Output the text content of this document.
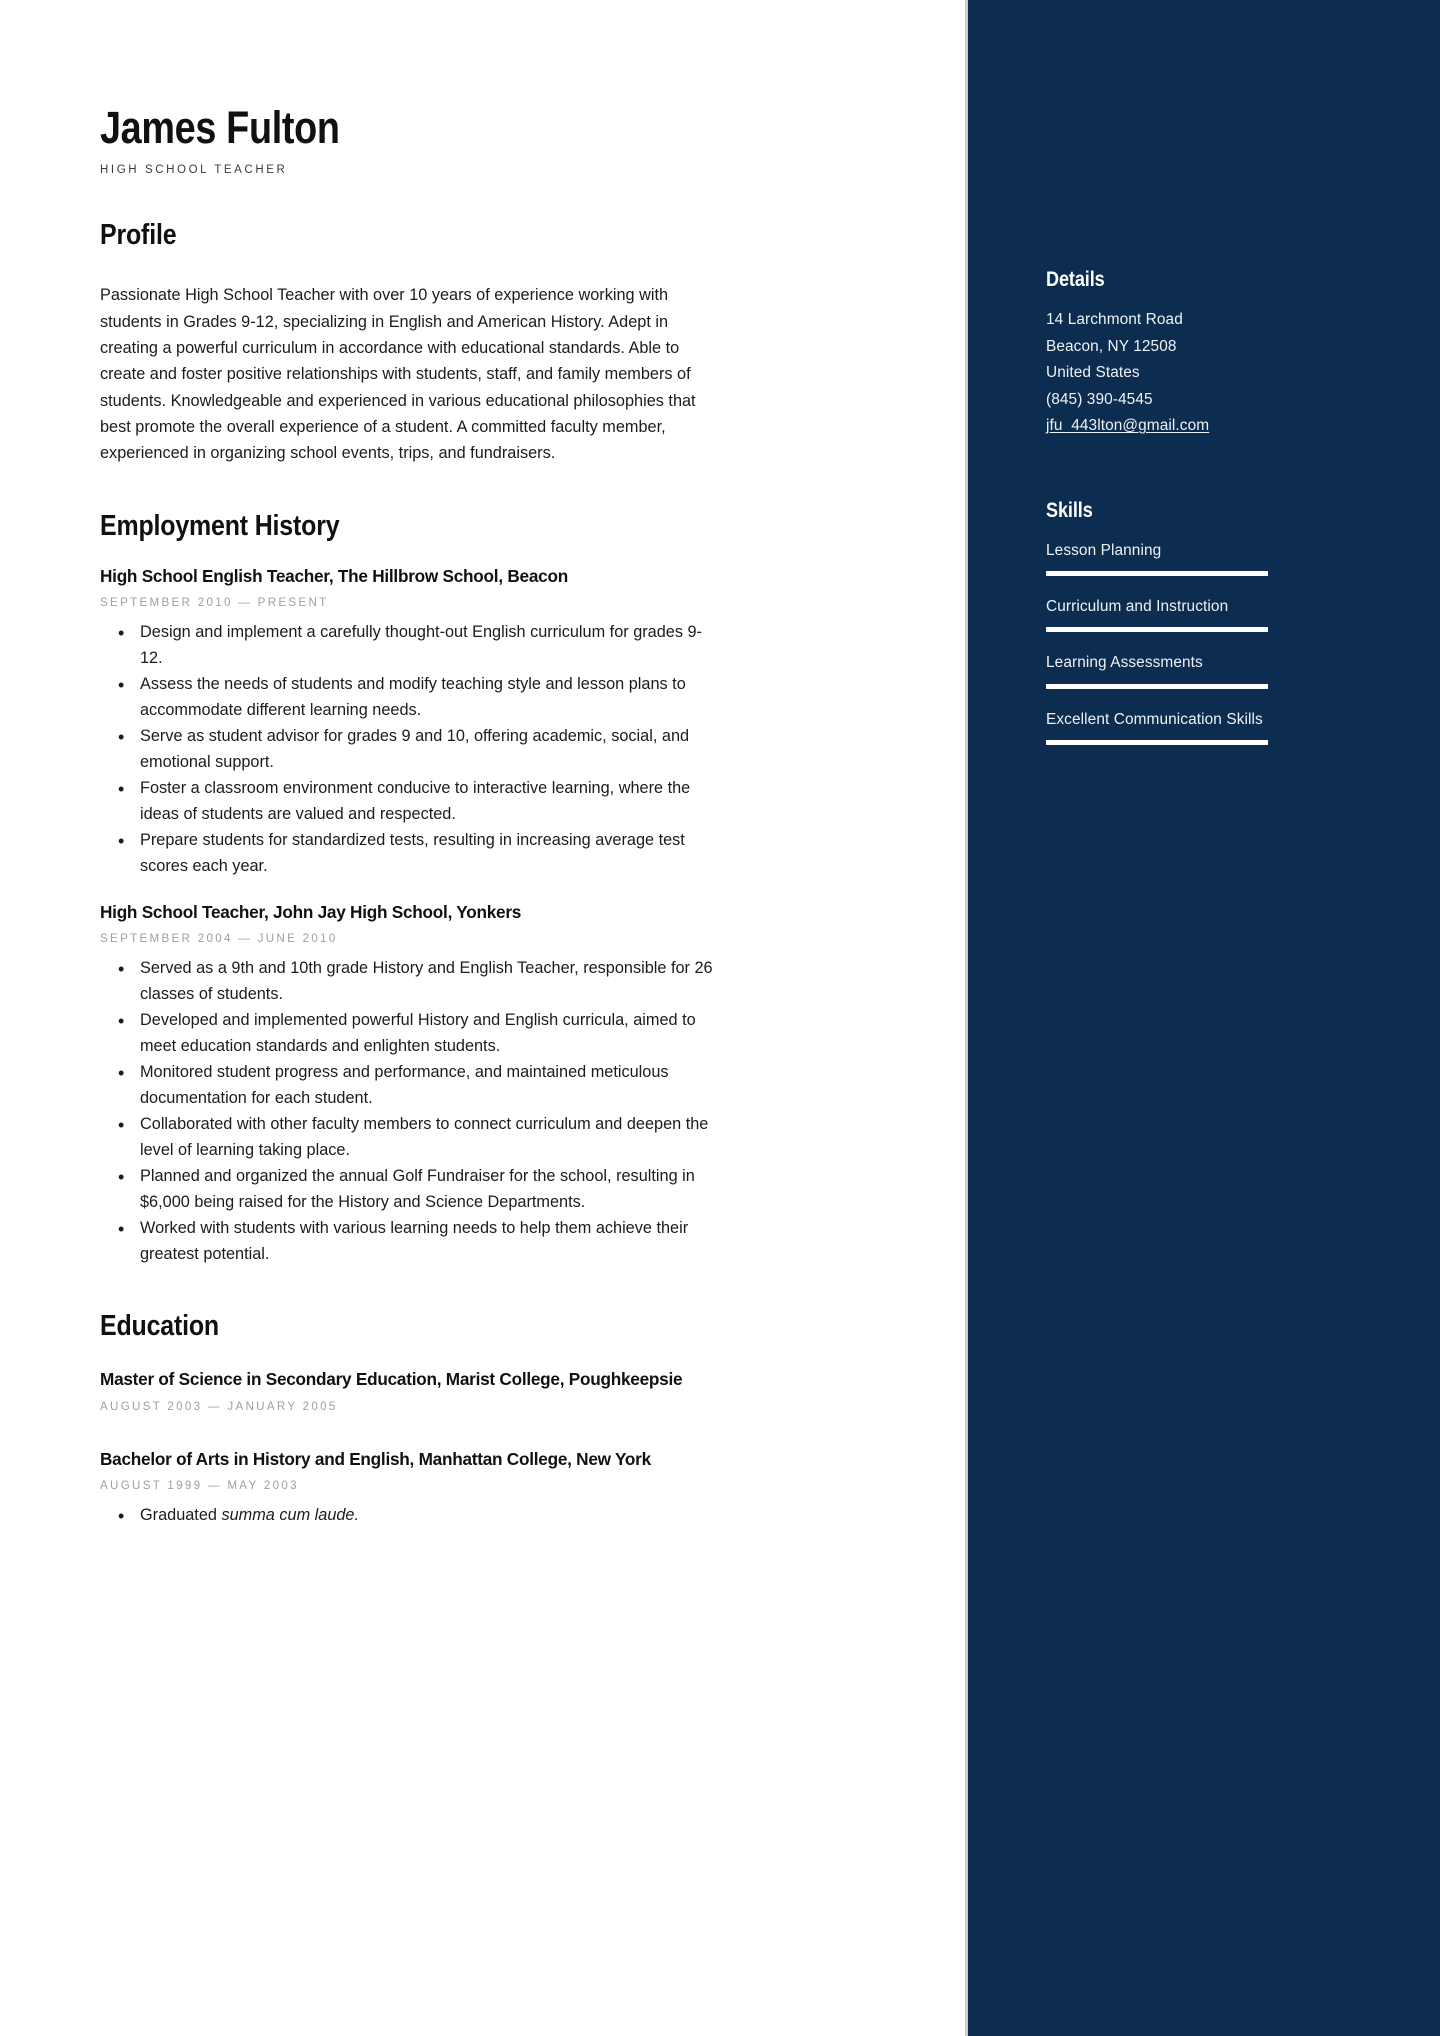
James Fulton
HIGH SCHOOL TEACHER
Profile
Passionate High School Teacher with over 10 years of experience working with students in Grades 9-12, specializing in English and American History. Adept in creating a powerful curriculum in accordance with educational standards. Able to create and foster positive relationships with students, staff, and family members of students. Knowledgeable and experienced in various educational philosophies that best promote the overall experience of a student. A committed faculty member, experienced in organizing school events, trips, and fundraisers.
Employment History
High School English Teacher, The Hillbrow School, Beacon
SEPTEMBER 2010 — PRESENT
• Design and implement a carefully thought-out English curriculum for grades 9-12.
• Assess the needs of students and modify teaching style and lesson plans to accommodate different learning needs.
• Serve as student advisor for grades 9 and 10, offering academic, social, and emotional support.
• Foster a classroom environment conducive to interactive learning, where the ideas of students are valued and respected.
• Prepare students for standardized tests, resulting in increasing average test scores each year.
High School Teacher, John Jay High School, Yonkers
SEPTEMBER 2004 — JUNE 2010
• Served as a 9th and 10th grade History and English Teacher, responsible for 26 classes of students.
• Developed and implemented powerful History and English curricula, aimed to meet education standards and enlighten students.
• Monitored student progress and performance, and maintained meticulous documentation for each student.
• Collaborated with other faculty members to connect curriculum and deepen the level of learning taking place.
• Planned and organized the annual Golf Fundraiser for the school, resulting in $6,000 being raised for the History and Science Departments.
• Worked with students with various learning needs to help them achieve their greatest potential.
Education
Master of Science in Secondary Education, Marist College, Poughkeepsie
AUGUST 2003 — JANUARY 2005
Bachelor of Arts in History and English, Manhattan College, New York
AUGUST 1999 — MAY 2003
• Graduated summa cum laude.
Details
14 Larchmont Road
Beacon, NY 12508
United States
(845) 390-4545
jfu_443lton@gmail.com
Skills
Lesson Planning
Curriculum and Instruction
Learning Assessments
Excellent Communication Skills
